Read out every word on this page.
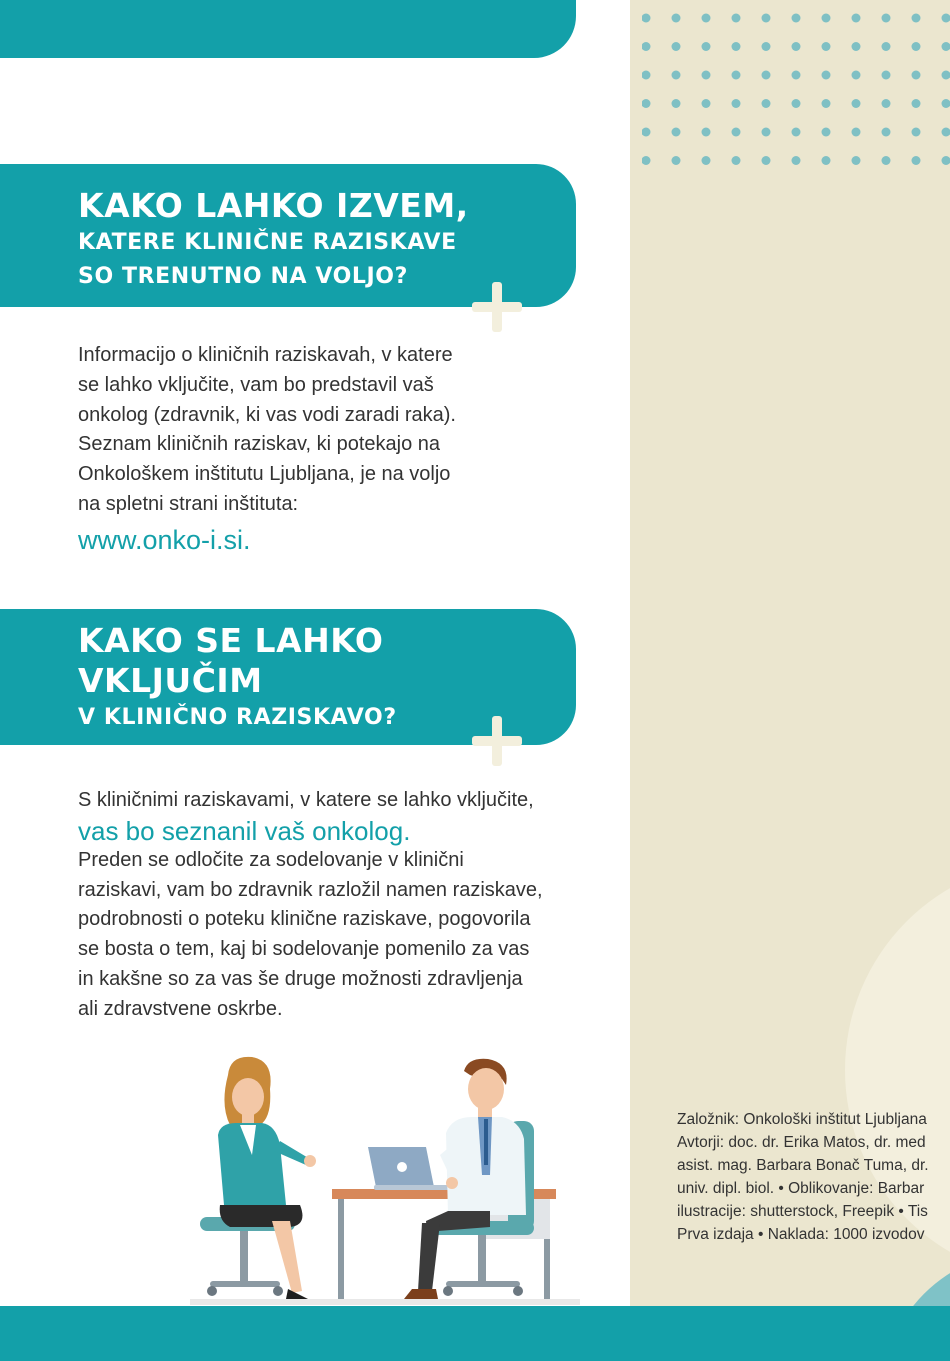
KAKO LAHKO IZVEM,
KATERE KLINIČNE RAZISKAVE
SO TRENUTNO NA VOLJO?
Informacijo o kliničnih raziskavah, v katere
se lahko vključite, vam bo predstavil vaš
onkolog (zdravnik, ki vas vodi zaradi raka).
Seznam kliničnih raziskav, ki potekajo na
Onkološkem inštitutu Ljubljana, je na voljo
na spletni strani inštituta:
www.onko-i.si.
KAKO SE LAHKO
VKLJUČIM
V KLINIČNO RAZISKAVO?
S kliničnimi raziskavami, v katere se lahko vključite,
vas bo seznanil vaš onkolog.
Preden se odločite za sodelovanje v klinični
raziskavi, vam bo zdravnik razložil namen raziskave,
podrobnosti o poteku klinične raziskave, pogovorila
se bosta o tem, kaj bi sodelovanje pomenilo za vas
in kakšne so za vas še druge možnosti zdravljenja
ali zdravstvene oskrbe.
Založnik: Onkološki inštitut Ljubljana
Avtorji: doc. dr. Erika Matos, dr. med
asist. mag. Barbara Bonač Tuma, dr.
univ. dipl. biol. • Oblikovanje: Barbar
ilustracije: shutterstock, Freepik • Tis
Prva izdaja • Naklada: 1000 izvodov
